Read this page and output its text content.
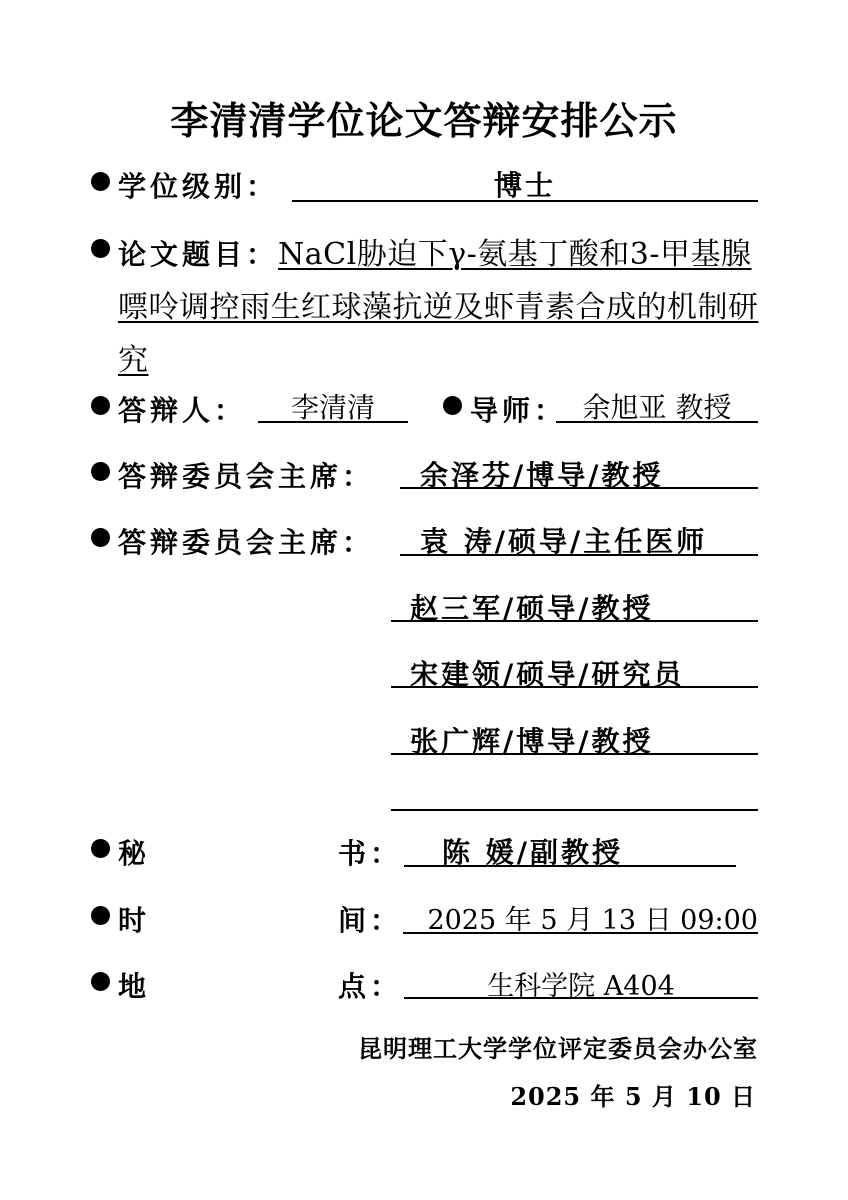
李清清学位论文答辩安排公示
学位级别：	博士
论文题目：NaCl胁迫下γ-氨基丁酸和3-甲基腺嘌呤调控雨生红球藻抗逆及虾青素合成的机制研究
答辩人：	李清清	导师： 余旭亚 教授
答辩委员会主席： 余泽芬/博导/教授
答辩委员会主席： 袁 涛/硕导/主任医师
赵三军/硕导/教授
宋建领/硕导/研究员
张广辉/博导/教授
秘	书： 陈 媛/副教授
时	间： 2025 年 5 月 13 日 09:00
地	点：	生科学院 A404
昆明理工大学学位评定委员会办公室
2025 年 5 月 10 日
